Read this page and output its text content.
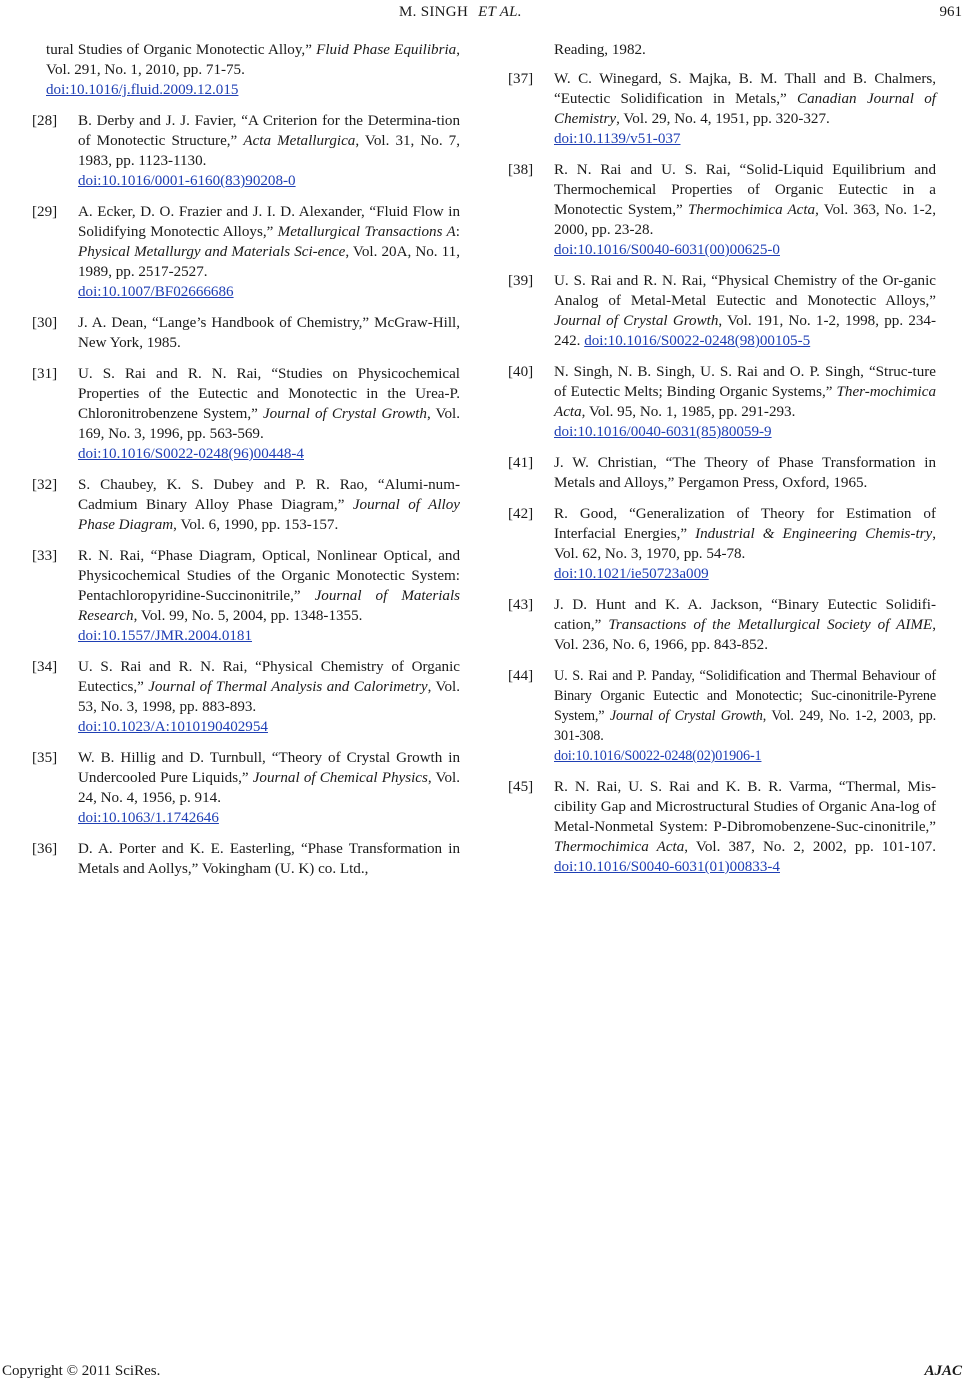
M. SINGH ET AL.	961
tural Studies of Organic Monotectic Alloy,” Fluid Phase Equilibria, Vol. 291, No. 1, 2010, pp. 71-75.
doi:10.1016/j.fluid.2009.12.015
[28] B. Derby and J. J. Favier, “A Criterion for the Determina-tion of Monotectic Structure,” Acta Metallurgica, Vol. 31, No. 7, 1983, pp. 1123-1130.
doi:10.1016/0001-6160(83)90208-0
[29] A. Ecker, D. O. Frazier and J. I. D. Alexander, “Fluid Flow in Solidifying Monotectic Alloys,” Metallurgical Transactions A: Physical Metallurgy and Materials Sci-ence, Vol. 20A, No. 11, 1989, pp. 2517-2527.
doi:10.1007/BF02666686
[30] J. A. Dean, “Lange’s Handbook of Chemistry,” McGraw-Hill, New York, 1985.
[31] U. S. Rai and R. N. Rai, “Studies on Physicochemical Properties of the Eutectic and Monotectic in the Urea-P. Chloronitrobenzene System,” Journal of Crystal Growth, Vol. 169, No. 3, 1996, pp. 563-569.
doi:10.1016/S0022-0248(96)00448-4
[32] S. Chaubey, K. S. Dubey and P. R. Rao, “Alumi-num-Cadmium Binary Alloy Phase Diagram,” Journal of Alloy Phase Diagram, Vol. 6, 1990, pp. 153-157.
[33] R. N. Rai, “Phase Diagram, Optical, Nonlinear Optical, and Physicochemical Studies of the Organic Monotectic System: Pentachloropyridine-Succinonitrile,” Journal of Materials Research, Vol. 99, No. 5, 2004, pp. 1348-1355.
doi:10.1557/JMR.2004.0181
[34] U. S. Rai and R. N. Rai, “Physical Chemistry of Organic Eutectics,” Journal of Thermal Analysis and Calorimetry, Vol. 53, No. 3, 1998, pp. 883-893.
doi:10.1023/A:1010190402954
[35] W. B. Hillig and D. Turnbull, “Theory of Crystal Growth in Undercooled Pure Liquids,” Journal of Chemical Physics, Vol. 24, No. 4, 1956, p. 914.
doi:10.1063/1.1742646
[36] D. A. Porter and K. E. Easterling, “Phase Transformation in Metals and Aollys,” Vokingham (U. K) co. Ltd.,
Reading, 1982.
[37] W. C. Winegard, S. Majka, B. M. Thall and B. Chalmers, “Eutectic Solidification in Metals,” Canadian Journal of Chemistry, Vol. 29, No. 4, 1951, pp. 320-327.
doi:10.1139/v51-037
[38] R. N. Rai and U. S. Rai, “Solid-Liquid Equilibrium and Thermochemical Properties of Organic Eutectic in a Monotectic System,” Thermochimica Acta, Vol. 363, No. 1-2, 2000, pp. 23-28.
doi:10.1016/S0040-6031(00)00625-0
[39] U. S. Rai and R. N. Rai, “Physical Chemistry of the Or-ganic Analog of Metal-Metal Eutectic and Monotectic Alloys,” Journal of Crystal Growth, Vol. 191, No. 1-2, 1998, pp. 234-242. doi:10.1016/S0022-0248(98)00105-5
[40] N. Singh, N. B. Singh, U. S. Rai and O. P. Singh, “Struc-ture of Eutectic Melts; Binding Organic Systems,” Ther-mochimica Acta, Vol. 95, No. 1, 1985, pp. 291-293.
doi:10.1016/0040-6031(85)80059-9
[41] J. W. Christian, “The Theory of Phase Transformation in Metals and Alloys,” Pergamon Press, Oxford, 1965.
[42] R. Good, “Generalization of Theory for Estimation of Interfacial Energies,” Industrial & Engineering Chemis-try, Vol. 62, No. 3, 1970, pp. 54-78.
doi:10.1021/ie50723a009
[43] J. D. Hunt and K. A. Jackson, “Binary Eutectic Solidifi-cation,” Transactions of the Metallurgical Society of AIME, Vol. 236, No. 6, 1966, pp. 843-852.
[44] U. S. Rai and P. Panday, “Solidification and Thermal Behaviour of Binary Organic Eutectic and Monotectic; Suc-cinonitrile-Pyrene System,” Journal of Crystal Growth, Vol. 249, No. 1-2, 2003, pp. 301-308.
doi:10.1016/S0022-0248(02)01906-1
[45] R. N. Rai, U. S. Rai and K. B. R. Varma, “Thermal, Mis-cibility Gap and Microstructural Studies of Organic Ana-log of Metal-Nonmetal System: P-Dibromobenzene-Suc-cinonitrile,” Thermochimica Acta, Vol. 387, No. 2, 2002, pp. 101-107. doi:10.1016/S0040-6031(01)00833-4
Copyright © 2011 SciRes.	AJAC
